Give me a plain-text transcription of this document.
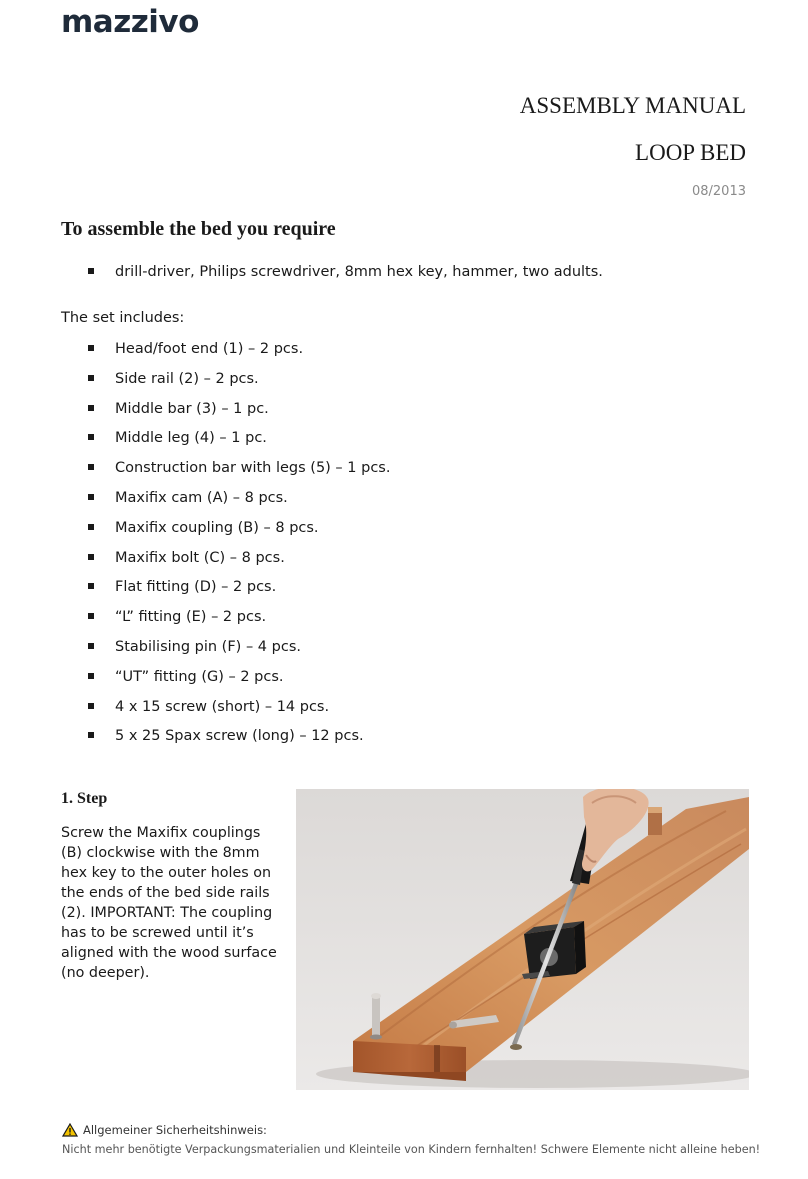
mazzivo
ASSEMBLY MANUAL
LOOP BED
08/2013
To assemble the bed you require
drill-driver, Philips screwdriver, 8mm hex key, hammer, two adults.
The set includes:
Head/foot end (1) – 2 pcs.
Side rail (2) – 2 pcs.
Middle bar (3) – 1 pc.
Middle leg (4) – 1 pc.
Construction bar with legs (5) – 1 pcs.
Maxifix cam (A) – 8 pcs.
Maxifix coupling (B) – 8 pcs.
Maxifix bolt (C) – 8 pcs.
Flat fitting (D) – 2 pcs.
“L” fitting (E) – 2 pcs.
Stabilising pin (F) – 4 pcs.
“UT” fitting (G) – 2 pcs.
4 x 15 screw (short) – 14 pcs.
5 x 25 Spax screw (long) – 12 pcs.
1. Step
Screw the Maxifix couplings (B) clockwise with the 8mm hex key to the outer holes on the ends of the bed side rails (2). IMPORTANT: The coupling has to be screwed until it’s aligned with the wood surface (no deeper).
Allgemeiner Sicherheitshinweis:
Nicht mehr benötigte Verpackungsmaterialien und Kleinteile von Kindern fernhalten! Schwere Elemente nicht alleine heben!
